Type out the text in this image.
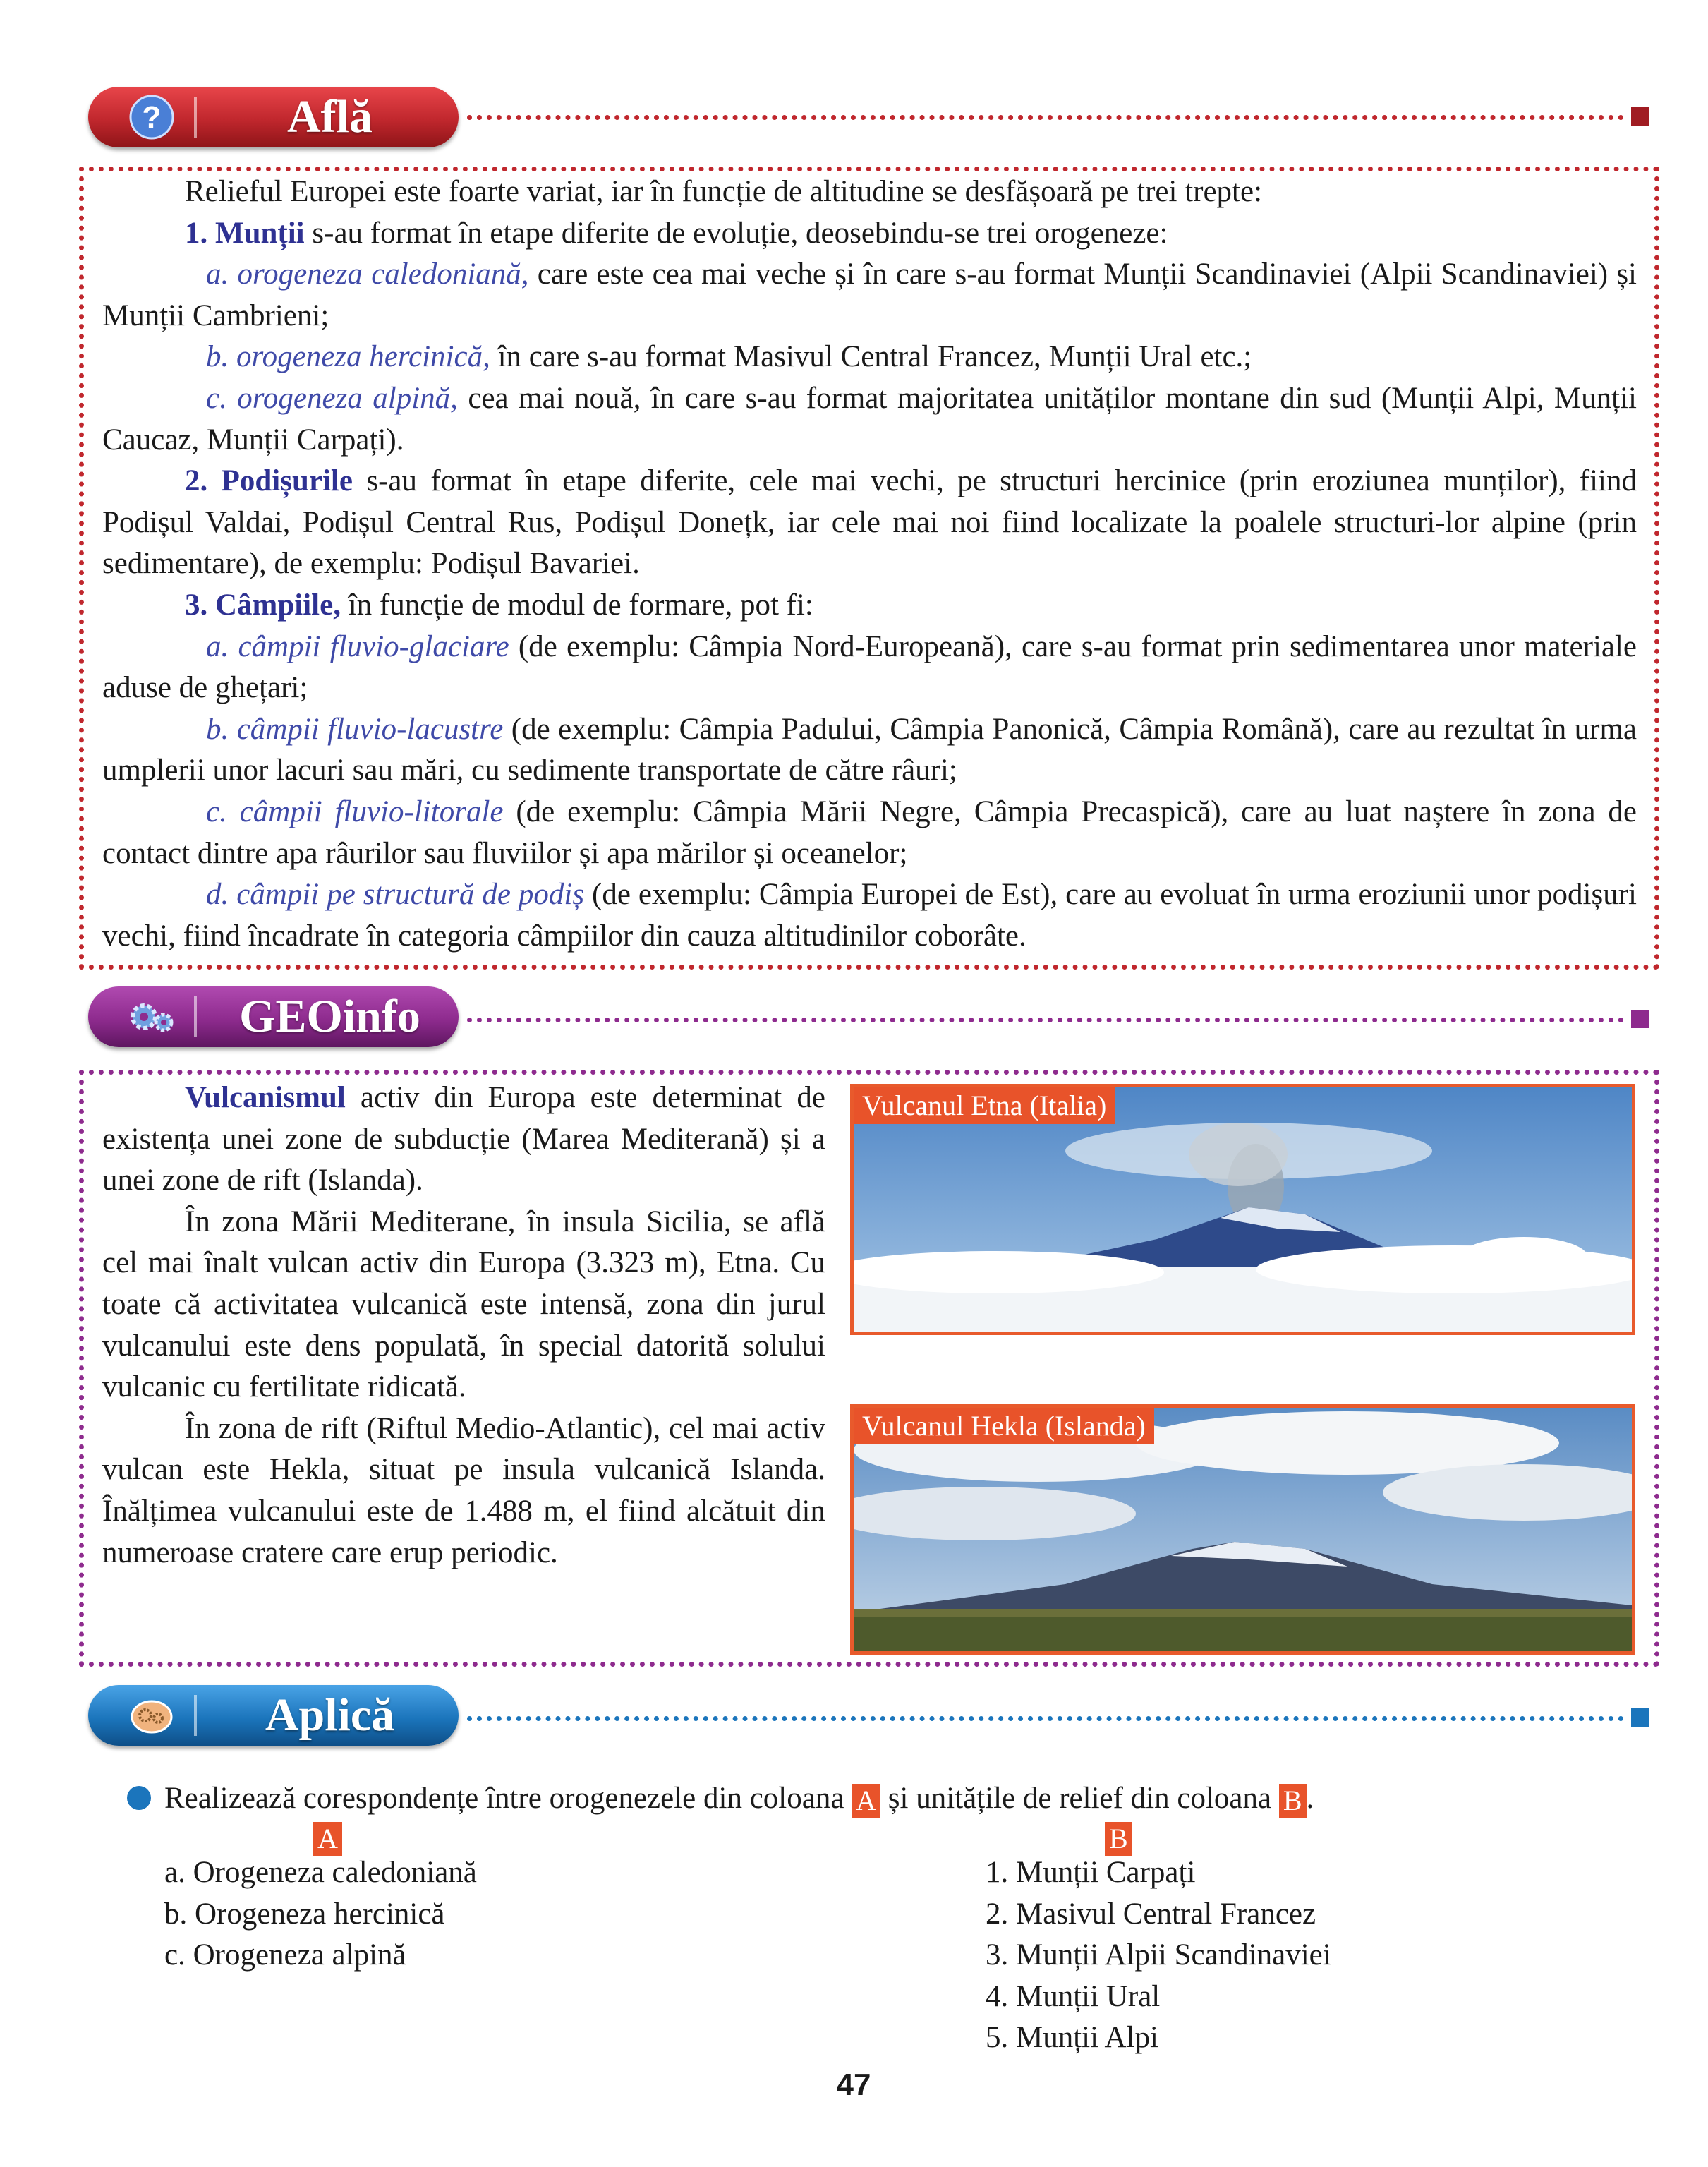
?	Află

Relieful Europei este foarte variat, iar în funcție de altitudine se desfășoară pe trei trepte:

1. Munții s-au format în etape diferite de evoluție, deosebindu-se trei orogeneze:

a. orogeneza caledoniană, care este cea mai veche și în care s-au format Munții Scandinaviei (Alpii Scandinaviei) și Munții Cambrieni;

b. orogeneza hercinică, în care s-au format Masivul Central Francez, Munții Ural etc.;

c. orogeneza alpină, cea mai nouă, în care s-au format majoritatea unităților montane din sud (Munții Alpi, Munții Caucaz, Munții Carpați).

2. Podișurile s-au format în etape diferite, cele mai vechi, pe structuri hercinice (prin eroziunea munților), fiind Podișul Valdai, Podișul Central Rus, Podișul Donețk, iar cele mai noi fiind localizate la poalele structuri-lor alpine (prin sedimentare), de exemplu: Podișul Bavariei.

3. Câmpiile, în funcție de modul de formare, pot fi:

a. câmpii fluvio-glaciare (de exemplu: Câmpia Nord-Europeană), care s-au format prin sedimentarea unor materiale aduse de ghețari;

b. câmpii fluvio-lacustre (de exemplu: Câmpia Padului, Câmpia Panonică, Câmpia Română), care au rezultat în urma umplerii unor lacuri sau mări, cu sedimente transportate de către râuri;

c. câmpii fluvio-litorale (de exemplu: Câmpia Mării Negre, Câmpia Precaspică), care au luat naștere în zona de contact dintre apa râurilor sau fluviilor și apa mărilor și oceanelor;

d. câmpii pe structură de podiș (de exemplu: Câmpia Europei de Est), care au evoluat în urma eroziunii unor podișuri vechi, fiind încadrate în categoria câmpiilor din cauza altitudinilor coborâte.

GEOinfo

Vulcanismul activ din Europa este determinat de existența unei zone de subducție (Marea Mediterană) și a unei zone de rift (Islanda).

În zona Mării Mediterane, în insula Sicilia, se află cel mai înalt vulcan activ din Europa (3.323 m), Etna. Cu toate că activitatea vulcanică este intensă, zona din jurul vulcanului este dens populată, în special datorită solului vulcanic cu fertilitate ridicată.

În zona de rift (Riftul Medio-Atlantic), cel mai activ vulcan este Hekla, situat pe insula vulcanică Islanda. Înălțimea vulcanului este de 1.488 m, el fiind alcătuit din numeroase cratere care erup periodic.

Vulcanul Etna (Italia)
Vulcanul Hekla (Islanda)
Aplică
Realizează corespondențe între orogenezele din coloana A și unitățile de relief din coloana B .
A	B
a. Orogeneza caledoniană
b. Orogeneza hercinică
c. Orogeneza alpină
1. Munții Carpați
2. Masivul Central Francez
3. Munții Alpii Scandinaviei
4. Munții Ural
5. Munții Alpi
47
